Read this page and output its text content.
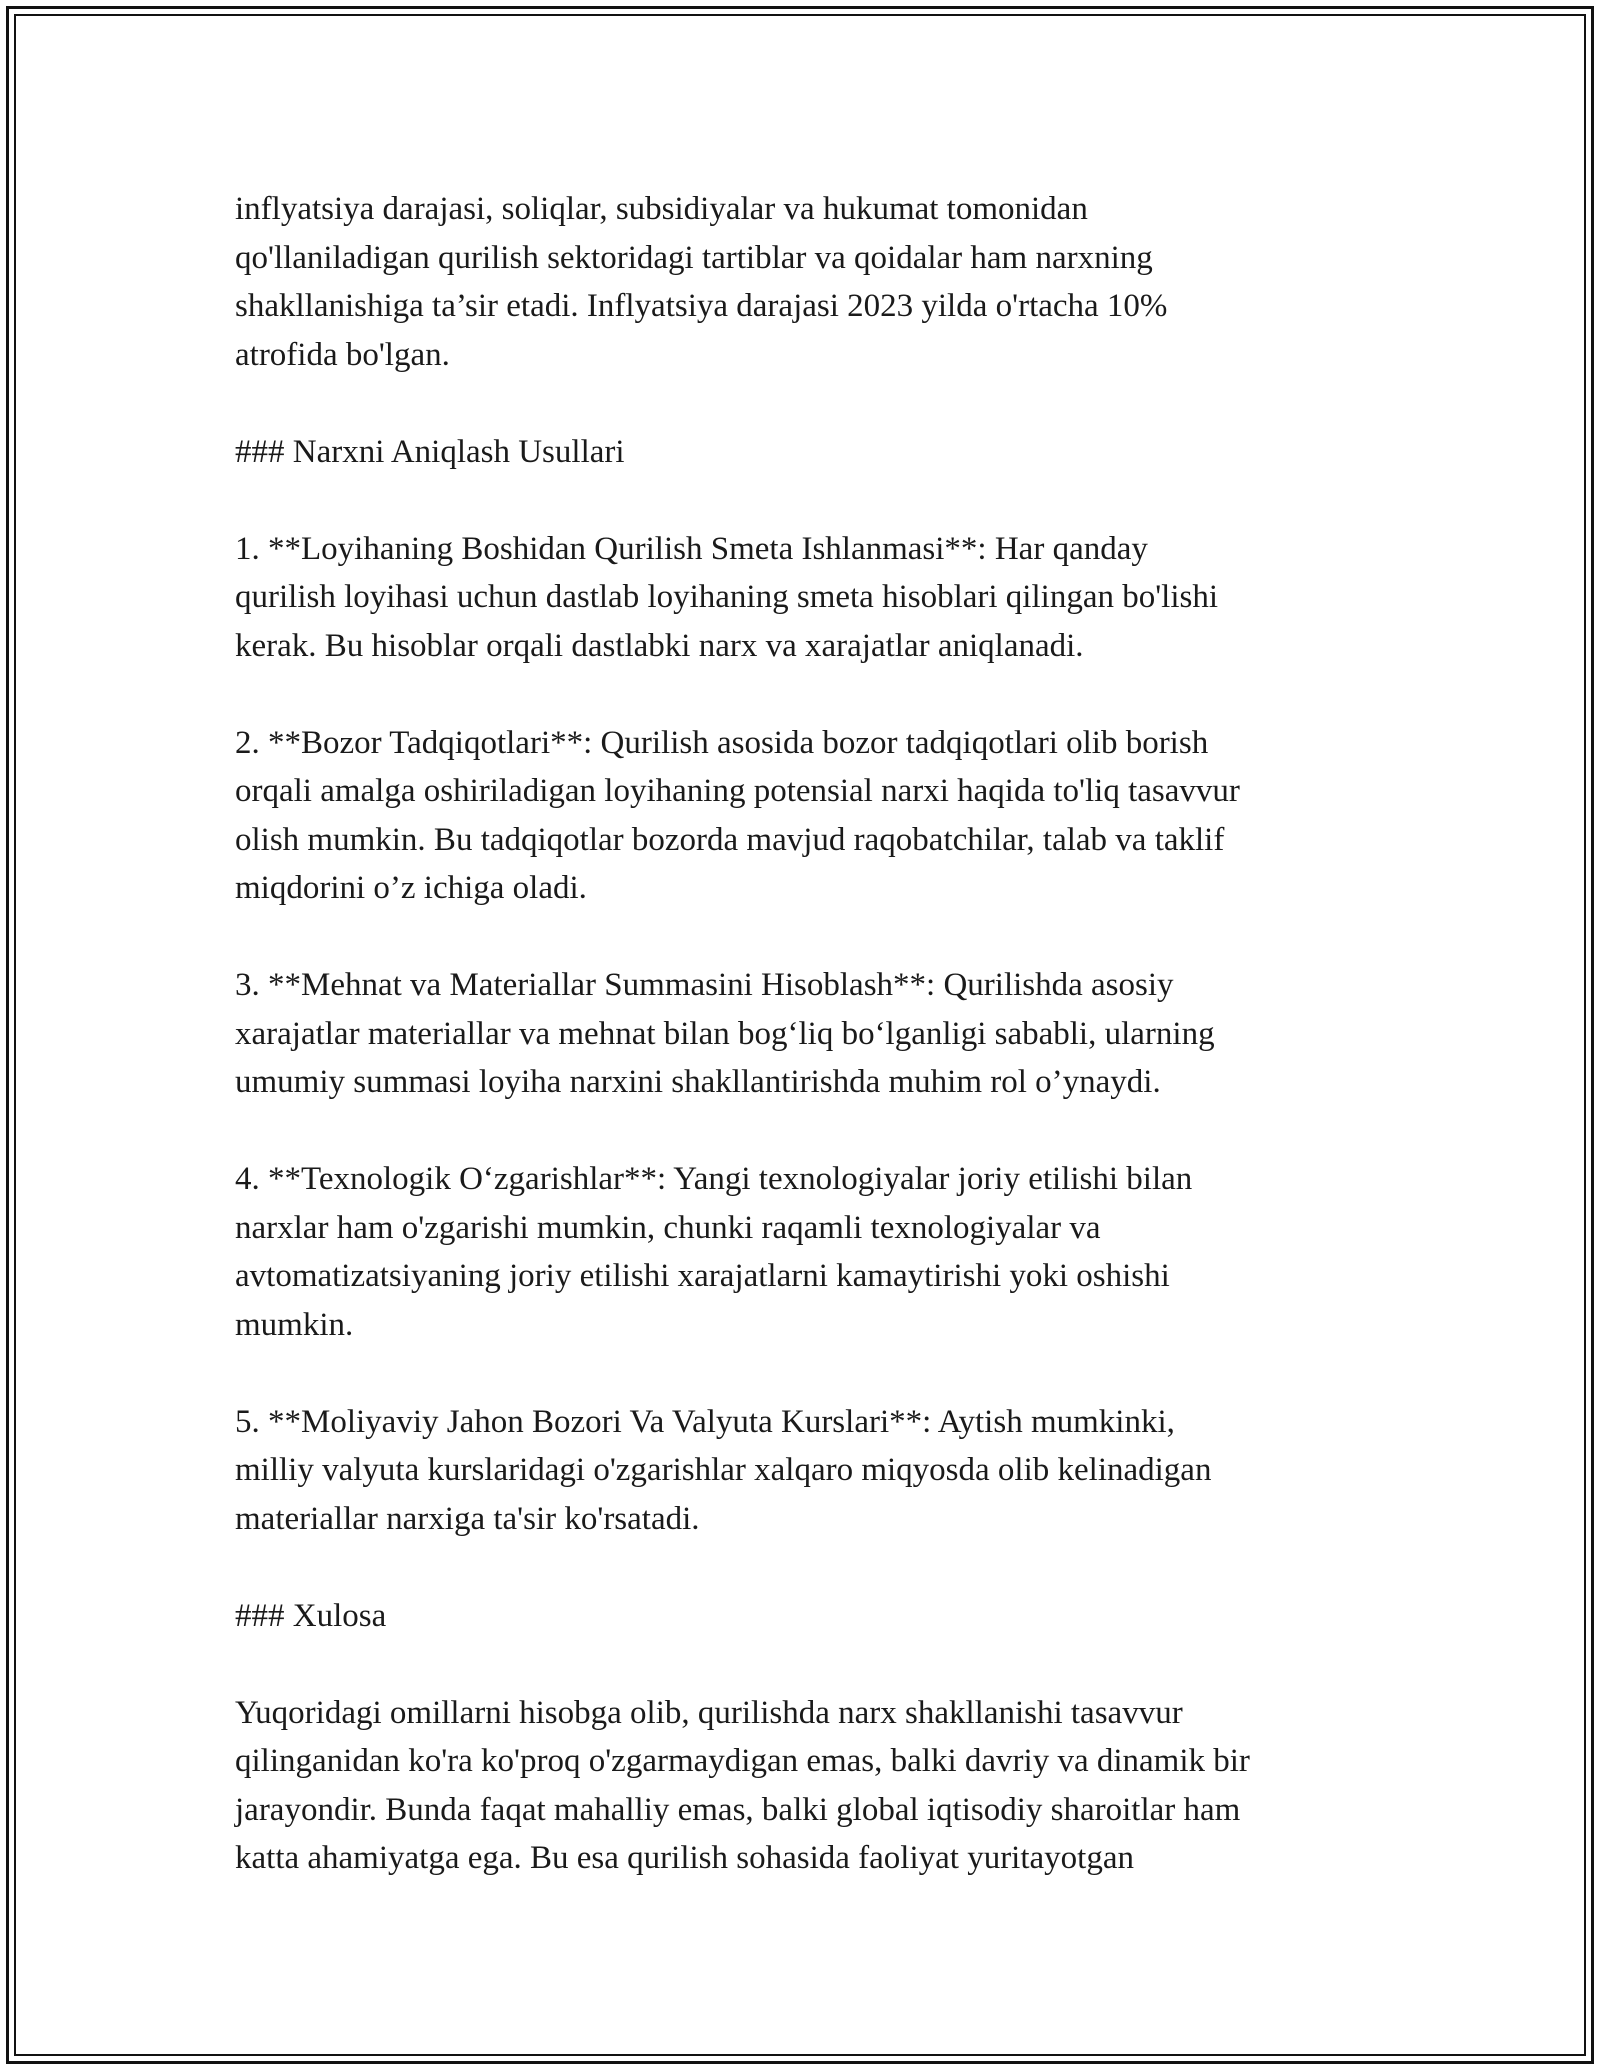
inflyatsiya darajasi, soliqlar, subsidiyalar va hukumat tomonidan
qo'llaniladigan qurilish sektoridagi tartiblar va qoidalar ham narxning
shakllanishiga ta’sir etadi. Inflyatsiya darajasi 2023 yilda o'rtacha 10%
atrofida bo'lgan.

### Narxni Aniqlash Usullari

1. **Loyihaning Boshidan Qurilish Smeta Ishlanmasi**: Har qanday
qurilish loyihasi uchun dastlab loyihaning smeta hisoblari qilingan bo'lishi
kerak. Bu hisoblar orqali dastlabki narx va xarajatlar aniqlanadi.

2. **Bozor Tadqiqotlari**: Qurilish asosida bozor tadqiqotlari olib borish
orqali amalga oshiriladigan loyihaning potensial narxi haqida to'liq tasavvur
olish mumkin. Bu tadqiqotlar bozorda mavjud raqobatchilar, talab va taklif
miqdorini o’z ichiga oladi.

3. **Mehnat va Materiallar Summasini Hisoblash**: Qurilishda asosiy
xarajatlar materiallar va mehnat bilan bog‘liq bo‘lganligi sababli, ularning
umumiy summasi loyiha narxini shakllantirishda muhim rol o’ynaydi.

4. **Texnologik O‘zgarishlar**: Yangi texnologiyalar joriy etilishi bilan
narxlar ham o'zgarishi mumkin, chunki raqamli texnologiyalar va
avtomatizatsiyaning joriy etilishi xarajatlarni kamaytirishi yoki oshishi
mumkin.

5. **Moliyaviy Jahon Bozori Va Valyuta Kurslari**: Aytish mumkinki,
milliy valyuta kurslaridagi o'zgarishlar xalqaro miqyosda olib kelinadigan
materiallar narxiga ta'sir ko'rsatadi.

### Xulosa

Yuqoridagi omillarni hisobga olib, qurilishda narx shakllanishi tasavvur
qilinganidan ko'ra ko'proq o'zgarmaydigan emas, balki davriy va dinamik bir
jarayondir. Bunda faqat mahalliy emas, balki global iqtisodiy sharoitlar ham
katta ahamiyatga ega. Bu esa qurilish sohasida faoliyat yuritayotgan
